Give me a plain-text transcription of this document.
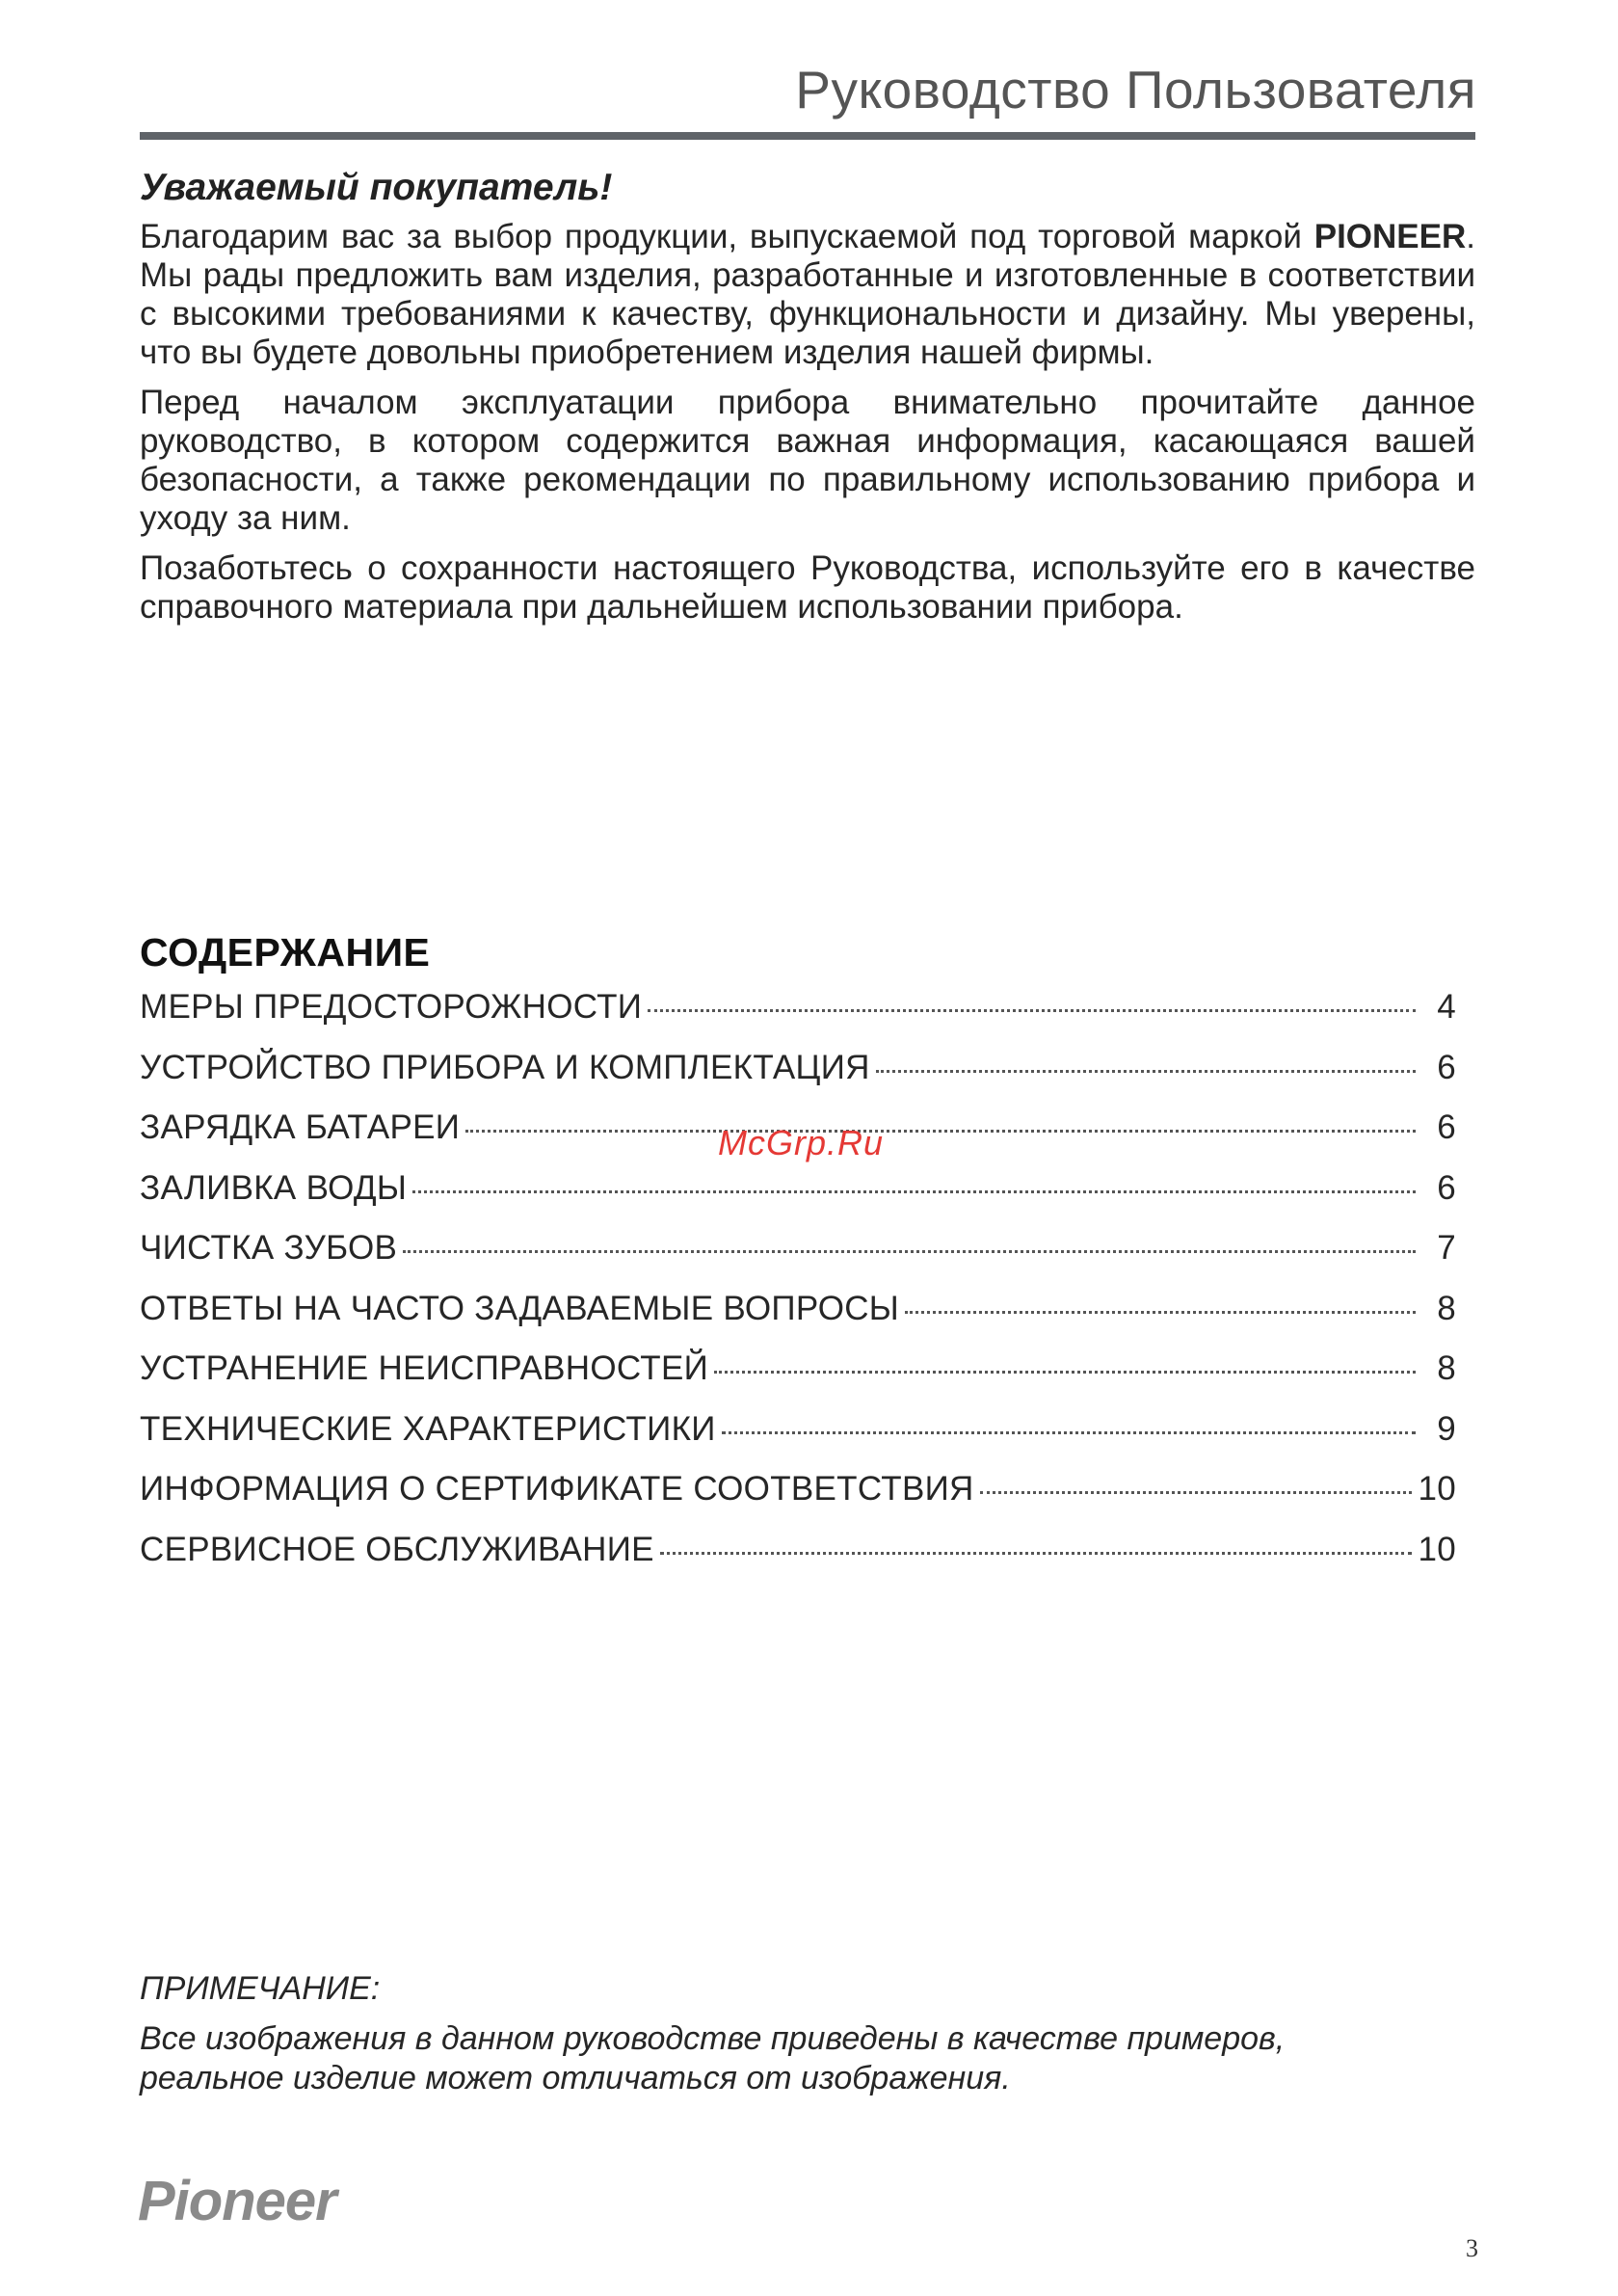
Руководство Пользователя
Уважаемый покупатель!

Благодарим вас за выбор продукции, выпускаемой под торговой маркой PIONEER. Мы рады предложить вам изделия, разработанные и изготовленные в соответствии с высокими требованиями к качеству, функциональности и дизайну. Мы уверены, что вы будете довольны приобретением изделия нашей фирмы.

Перед началом эксплуатации прибора внимательно прочитайте данное руководство, в котором содержится важная информация, касающаяся вашей безопасности, а также рекомендации по правильному использованию прибора и уходу за ним.

Позаботьтесь о сохранности настоящего Руководства, используйте его в качестве справочного материала при дальнейшем использовании прибора.

СОДЕРЖАНИЕ
МЕРЫ ПРЕДОСТОРОЖНОСТИ	4
УСТРОЙСТВО ПРИБОРА И КОМПЛЕКТАЦИЯ	6
ЗАРЯДКА БАТАРЕИ	6
ЗАЛИВКА ВОДЫ	6
ЧИСТКА ЗУБОВ	7
ОТВЕТЫ НА ЧАСТО ЗАДАВАЕМЫЕ ВОПРОСЫ	8
УСТРАНЕНИЕ НЕИСПРАВНОСТЕЙ	8
ТЕХНИЧЕСКИЕ ХАРАКТЕРИСТИКИ	9
ИНФОРМАЦИЯ О СЕРТИФИКАТЕ СООТВЕТСТВИЯ	10
СЕРВИСНОЕ ОБСЛУЖИВАНИЕ	10
McGrp.Ru
ПРИМЕЧАНИЕ:
Все изображения в данном руководстве приведены в качестве примеров,
реальное изделие может отличаться от изображения.
Pioneer
3
